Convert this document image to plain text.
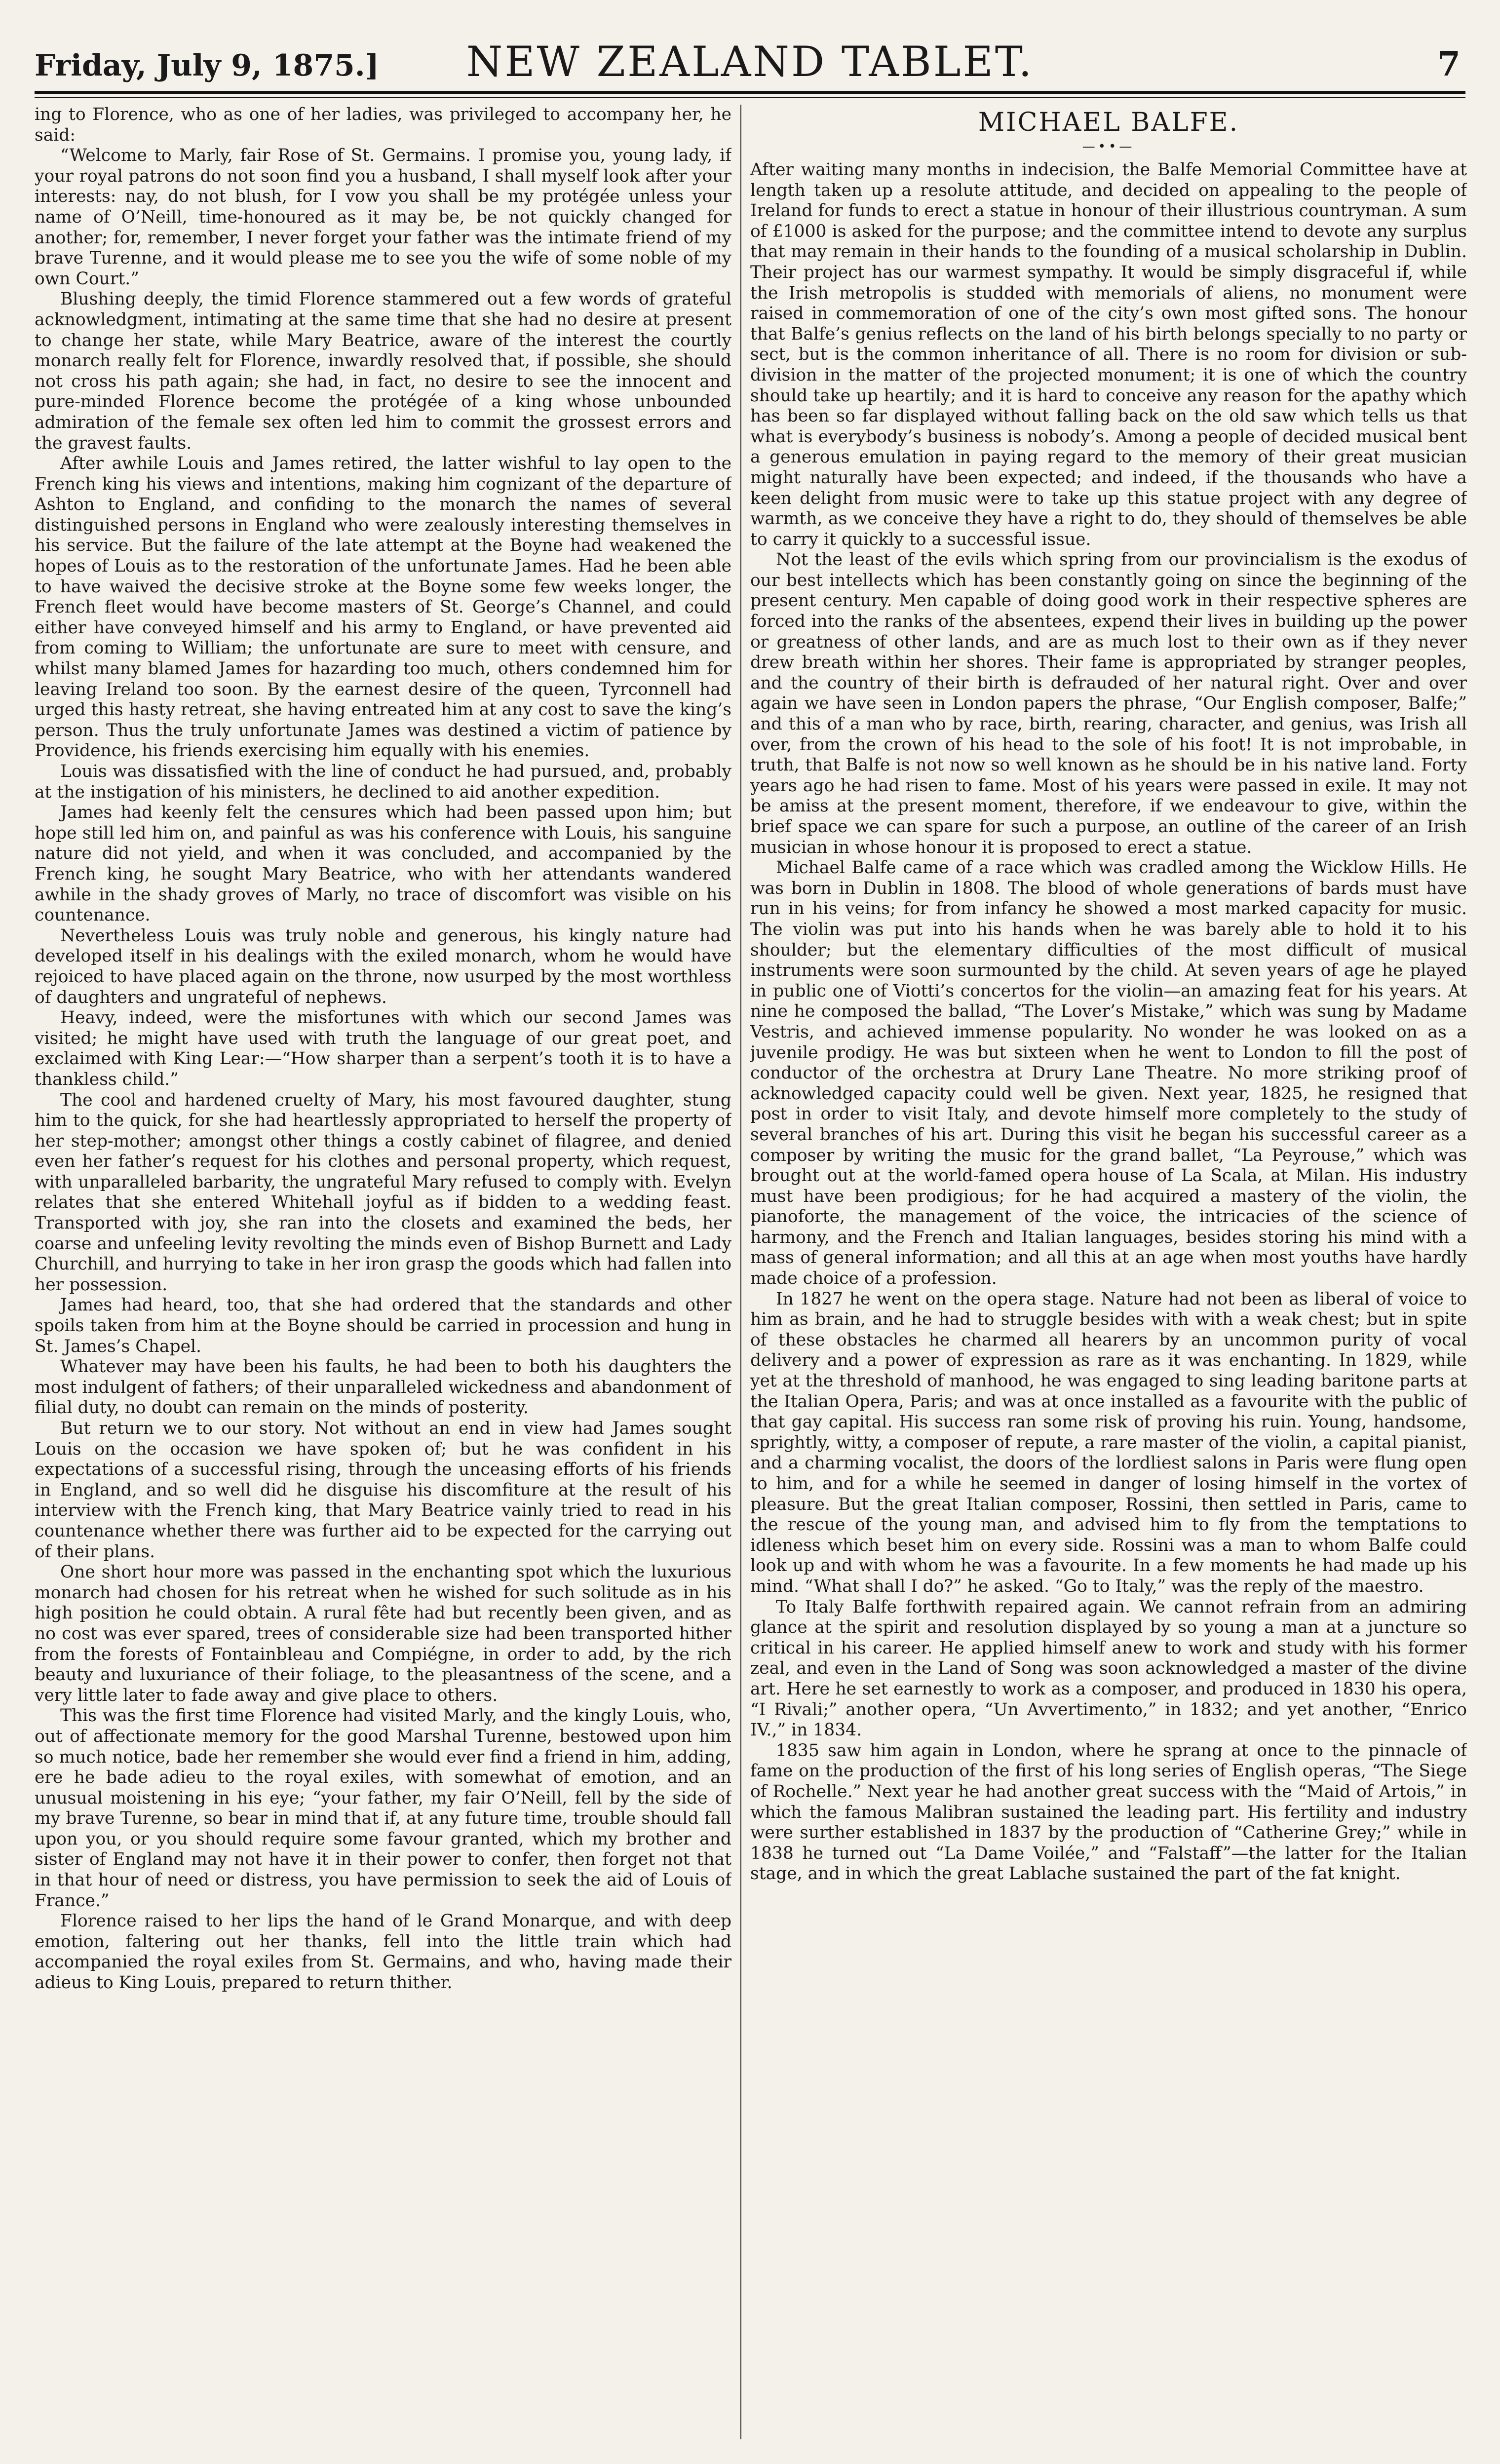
Friday, July 9, 1875.]	NEW ZEALAND TABLET.	7

ing to Florence, who as one of her ladies, was privileged to accompany her, he said:

“Welcome to Marly, fair Rose of St. Germains. I promise you, young lady, if your royal patrons do not soon find you a husband, I shall myself look after your interests: nay, do not blush, for I vow you shall be my protégée unless your name of O’Neill, time-honoured as it may be, be not quickly changed for another; for, remember, I never forget your father was the intimate friend of my brave Turenne, and it would please me to see you the wife of some noble of my own Court.”

Blushing deeply, the timid Florence stammered out a few words of grateful acknowledgment, intimating at the same time that she had no desire at present to change her state, while Mary Beatrice, aware of the interest the courtly monarch really felt for Florence, inwardly resolved that, if possible, she should not cross his path again; she had, in fact, no desire to see the innocent and pure-minded Florence become the protégée of a king whose unbounded admiration of the female sex often led him to commit the grossest errors and the gravest faults.

After awhile Louis and James retired, the latter wishful to lay open to the French king his views and intentions, making him cognizant of the departure of Ashton to England, and confiding to the monarch the names of several distinguished persons in England who were zealously interesting themselves in his service. But the failure of the late attempt at the Boyne had weakened the hopes of Louis as to the restoration of the unfortunate James. Had he been able to have waived the decisive stroke at the Boyne some few weeks longer, the French fleet would have become masters of St. George’s Channel, and could either have conveyed himself and his army to England, or have prevented aid from coming to William; the unfortunate are sure to meet with censure, and whilst many blamed James for hazarding too much, others condemned him for leaving Ireland too soon. By the earnest desire of the queen, Tyrconnell had urged this hasty retreat, she having entreated him at any cost to save the king’s person. Thus the truly unfortunate James was destined a victim of patience by Providence, his friends exercising him equally with his enemies.

Louis was dissatisfied with the line of conduct he had pursued, and, probably at the instigation of his ministers, he declined to aid another expedition.

James had keenly felt the censures which had been passed upon him; but hope still led him on, and painful as was his conference with Louis, his sanguine nature did not yield, and when it was concluded, and accompanied by the French king, he sought Mary Beatrice, who with her attendants wandered awhile in the shady groves of Marly, no trace of discomfort was visible on his countenance.

Nevertheless Louis was truly noble and generous, his kingly nature had developed itself in his dealings with the exiled monarch, whom he would have rejoiced to have placed again on the throne, now usurped by the most worthless of daughters and ungrateful of nephews.

Heavy, indeed, were the misfortunes with which our second James was visited; he might have used with truth the language of our great poet, and exclaimed with King Lear:—“How sharper than a serpent’s tooth it is to have a thankless child.”

The cool and hardened cruelty of Mary, his most favoured daughter, stung him to the quick, for she had heartlessly appropriated to herself the property of her step-mother; amongst other things a costly cabinet of filagree, and denied even her father’s request for his clothes and personal property, which request, with unparalleled barbarity, the ungrateful Mary refused to comply with. Evelyn relates that she entered Whitehall joyful as if bidden to a wedding feast. Transported with joy, she ran into the closets and examined the beds, her coarse and unfeeling levity revolting the minds even of Bishop Burnett and Lady Churchill, and hurrying to take in her iron grasp the goods which had fallen into her possession.

James had heard, too, that she had ordered that the standards and other spoils taken from him at the Boyne should be carried in procession and hung in St. James’s Chapel.

Whatever may have been his faults, he had been to both his daughters the most indulgent of fathers; of their unparalleled wickedness and abandonment of filial duty, no doubt can remain on the minds of posterity.

But return we to our story. Not without an end in view had James sought Louis on the occasion we have spoken of; but he was confident in his expectations of a successful rising, through the unceasing efforts of his friends in England, and so well did he disguise his discomfiture at the result of his interview with the French king, that Mary Beatrice vainly tried to read in his countenance whether there was further aid to be expected for the carrying out of their plans.

One short hour more was passed in the enchanting spot which the luxurious monarch had chosen for his retreat when he wished for such solitude as in his high position he could obtain. A rural fête had but recently been given, and as no cost was ever spared, trees of considerable size had been transported hither from the forests of Fontainbleau and Compiégne, in order to add, by the rich beauty and luxuriance of their foliage, to the pleasantness of the scene, and a very little later to fade away and give place to others.

This was the first time Florence had visited Marly, and the kingly Louis, who, out of affectionate memory for the good Marshal Turenne, bestowed upon him so much notice, bade her remember she would ever find a friend in him, adding, ere he bade adieu to the royal exiles, with somewhat of emotion, and an unusual moistening in his eye; “your father, my fair O’Neill, fell by the side of my brave Turenne, so bear in mind that if, at any future time, trouble should fall upon you, or you should require some favour granted, which my brother and sister of England may not have it in their power to confer, then forget not that in that hour of need or distress, you have permission to seek the aid of Louis of France.”

Florence raised to her lips the hand of le Grand Monarque, and with deep emotion, faltering out her thanks, fell into the little train which had accompanied the royal exiles from St. Germains, and who, having made their adieus to King Louis, prepared to return thither.

MICHAEL BALFE.
—••—

After waiting many months in indecision, the Balfe Memorial Committee have at length taken up a resolute attitude, and decided on appealing to the people of Ireland for funds to erect a statue in honour of their illustrious countryman. A sum of £1000 is asked for the purpose; and the committee intend to devote any surplus that may remain in their hands to the founding of a musical scholarship in Dublin. Their project has our warmest sympathy. It would be simply disgraceful if, while the Irish metropolis is studded with memorials of aliens, no monument were raised in commemoration of one of the city’s own most gifted sons. The honour that Balfe’s genius reflects on the land of his birth belongs specially to no party or sect, but is the common inheritance of all. There is no room for division or sub-division in the matter of the projected monument; it is one of which the country should take up heartily; and it is hard to conceive any reason for the apathy which has been so far displayed without falling back on the old saw which tells us that what is everybody’s business is nobody’s. Among a people of decided musical bent a generous emulation in paying regard to the memory of their great musician might naturally have been expected; and indeed, if the thousands who have a keen delight from music were to take up this statue project with any degree of warmth, as we conceive they have a right to do, they should of themselves be able to carry it quickly to a successful issue.

Not the least of the evils which spring from our provincialism is the exodus of our best intellects which has been constantly going on since the beginning of the present century. Men capable of doing good work in their respective spheres are forced into the ranks of the absentees, expend their lives in building up the power or greatness of other lands, and are as much lost to their own as if they never drew breath within her shores. Their fame is appropriated by stranger peoples, and the country of their birth is defrauded of her natural right. Over and over again we have seen in London papers the phrase, “Our English composer, Balfe;” and this of a man who by race, birth, rearing, character, and genius, was Irish all over, from the crown of his head to the sole of his foot! It is not improbable, in truth, that Balfe is not now so well known as he should be in his native land. Forty years ago he had risen to fame. Most of his years were passed in exile. It may not be amiss at the present moment, therefore, if we endeavour to give, within the brief space we can spare for such a purpose, an outline of the career of an Irish musician in whose honour it is proposed to erect a statue.

Michael Balfe came of a race which was cradled among the Wicklow Hills. He was born in Dublin in 1808. The blood of whole generations of bards must have run in his veins; for from infancy he showed a most marked capacity for music. The violin was put into his hands when he was barely able to hold it to his shoulder; but the elementary difficulties of the most difficult of musical instruments were soon surmounted by the child. At seven years of age he played in public one of Viotti’s concertos for the violin—an amazing feat for his years. At nine he composed the ballad, “The Lover’s Mistake,” which was sung by Madame Vestris, and achieved immense popularity. No wonder he was looked on as a juvenile prodigy. He was but sixteen when he went to London to fill the post of conductor of the orchestra at Drury Lane Theatre. No more striking proof of acknowledged capacity could well be given. Next year, 1825, he resigned that post in order to visit Italy, and devote himself more completely to the study of several branches of his art. During this visit he began his successful career as a composer by writing the music for the grand ballet, “La Peyrouse,” which was brought out at the world-famed opera house of La Scala, at Milan. His industry must have been prodigious; for he had acquired a mastery of the violin, the pianoforte, the management of the voice, the intricacies of the science of harmony, and the French and Italian languages, besides storing his mind with a mass of general information; and all this at an age when most youths have hardly made choice of a profession.

In 1827 he went on the opera stage. Nature had not been as liberal of voice to him as brain, and he had to struggle besides with with a weak chest; but in spite of these obstacles he charmed all hearers by an uncommon purity of vocal delivery and a power of expression as rare as it was enchanting. In 1829, while yet at the threshold of manhood, he was engaged to sing leading baritone parts at the Italian Opera, Paris; and was at once installed as a favourite with the public of that gay capital. His success ran some risk of proving his ruin. Young, handsome, sprightly, witty, a composer of repute, a rare master of the violin, a capital pianist, and a charming vocalist, the doors of the lordliest salons in Paris were flung open to him, and for a while he seemed in danger of losing himself in the vortex of pleasure. But the great Italian composer, Rossini, then settled in Paris, came to the rescue of the young man, and advised him to fly from the temptations to idleness which beset him on every side. Rossini was a man to whom Balfe could look up and with whom he was a favourite. In a few moments he had made up his mind. “What shall I do?” he asked. “Go to Italy,” was the reply of the maestro.

To Italy Balfe forthwith repaired again. We cannot refrain from an admiring glance at the spirit and resolution displayed by so young a man at a juncture so critical in his career. He applied himself anew to work and study with his former zeal, and even in the Land of Song was soon acknowledged a master of the divine art. Here he set earnestly to work as a composer, and produced in 1830 his opera, “I Rivali;” another opera, “Un Avvertimento,” in 1832; and yet another, “Enrico IV.,” in 1834.

1835 saw him again in London, where he sprang at once to the pinnacle of fame on the production of the first of his long series of English operas, “The Siege of Rochelle.” Next year he had another great success with the “Maid of Artois,” in which the famous Malibran sustained the leading part. His fertility and industry were surther established in 1837 by the production of “Catherine Grey;” while in 1838 he turned out “La Dame Voilée,” and “Falstaff”—the latter for the Italian stage, and in which the great Lablache sustained the part of the fat knight.
